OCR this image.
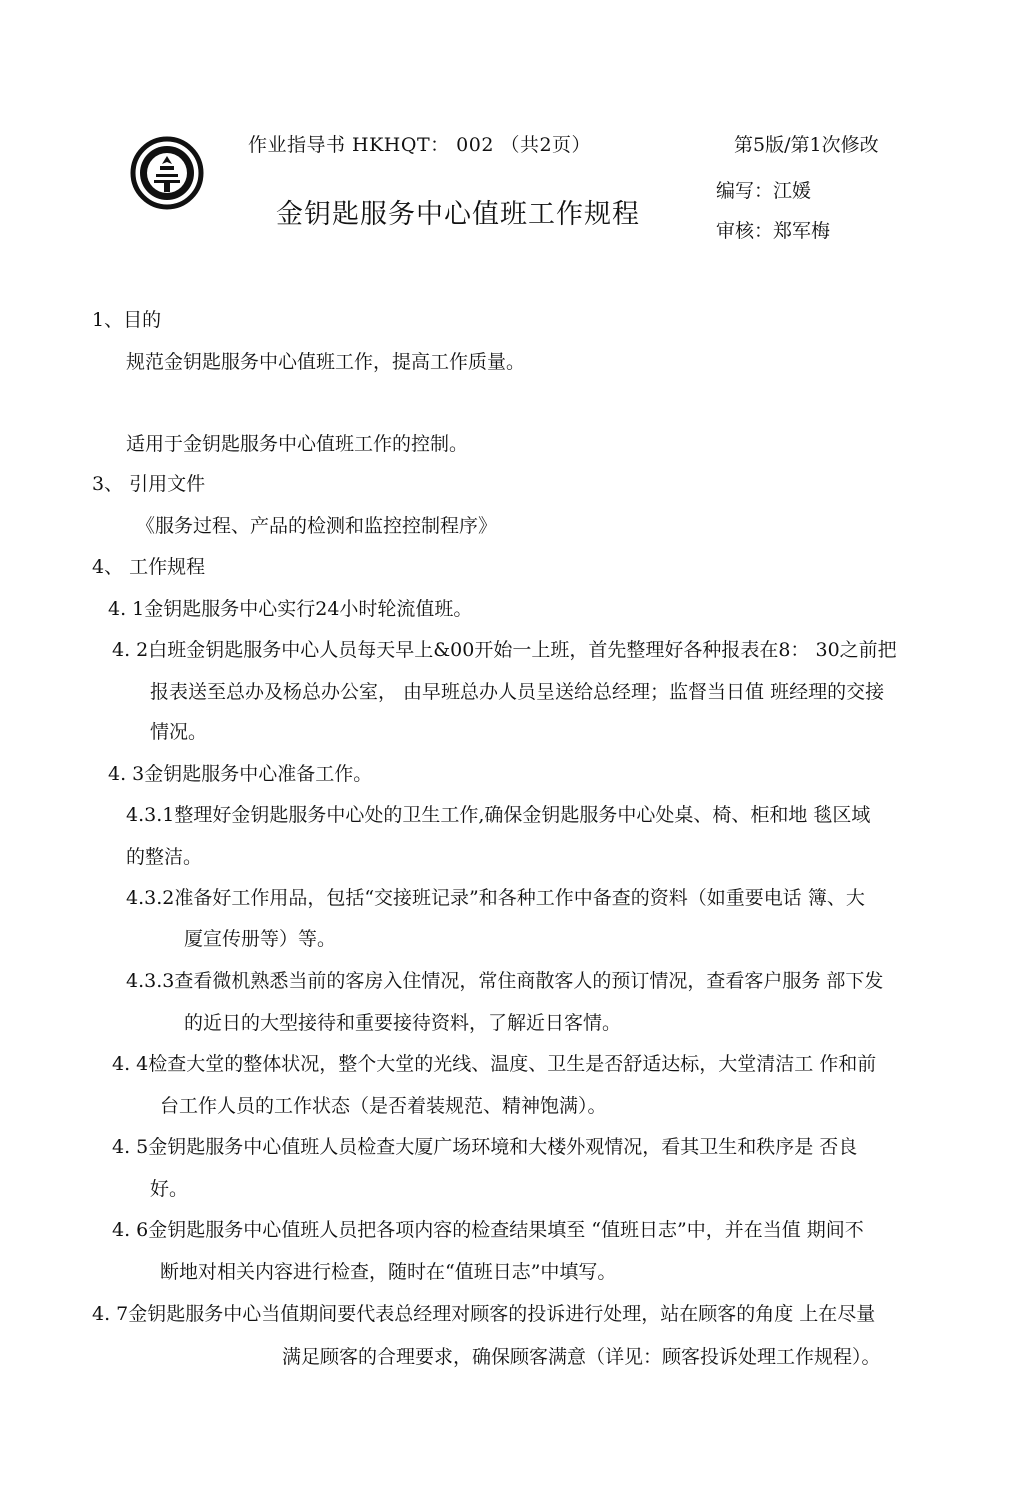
作业指导书 HKHQT： 002 （共2页）	第5版/第1次修改
金钥匙服务中心值班工作规程
编写：江媛
审核：郑军梅
1、目的
规范金钥匙服务中心值班工作，提高工作质量。
适用于金钥匙服务中心值班工作的控制。
3、 引用文件
《服务过程、产品的检测和监控控制程序》
4、 工作规程
4. 1金钥匙服务中心实行24小时轮流值班。
4. 2白班金钥匙服务中心人员每天早上&00开始一上班，首先整理好各种报表在8： 30之前把
报表送至总办及杨总办公室， 由早班总办人员呈送给总经理；监督当日值 班经理的交接
情况。
4. 3金钥匙服务中心准备工作。
4.3.1整理好金钥匙服务中心处的卫生工作,确保金钥匙服务中心处桌、椅、柜和地 毯区域
的整洁。
4.3.2准备好工作用品，包括“交接班记录”和各种工作中备查的资料（如重要电话 簿、大
厦宣传册等）等。
4.3.3查看微机熟悉当前的客房入住情况，常住商散客人的预订情况，查看客户服务 部下发
的近日的大型接待和重要接待资料，了解近日客情。
4. 4检查大堂的整体状况，整个大堂的光线、温度、卫生是否舒适达标，大堂清洁工 作和前
台工作人员的工作状态（是否着装规范、精神饱满）。
4. 5金钥匙服务中心值班人员检查大厦广场环境和大楼外观情况，看其卫生和秩序是 否良
好。
4. 6金钥匙服务中心值班人员把各项内容的检查结果填至 “值班日志”中，并在当值 期间不
断地对相关内容进行检查，随时在“值班日志”中填写。
4. 7金钥匙服务中心当值期间要代表总经理对顾客的投诉进行处理，站在顾客的角度 上在尽量
满足顾客的合理要求，确保顾客满意（详见：顾客投诉处理工作规程）。
